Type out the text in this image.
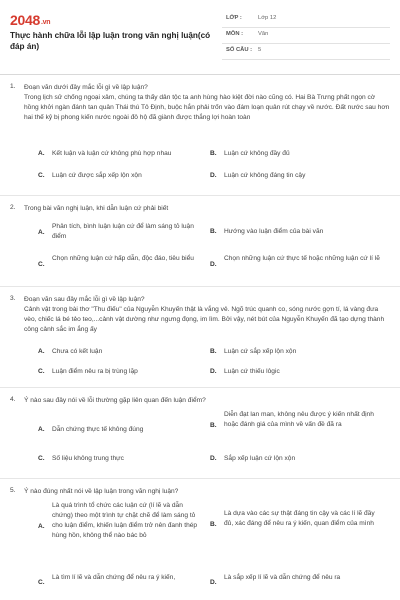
2048.vn
Thực hành chữa lỗi lập luận trong văn nghị luận(có đáp án)
LỚP :	Lớp 12
MÔN :	Văn
SỐ CÂU : 5
1. Đoạn văn dưới đây mắc lỗi gì về lập luận?
Trong lịch sử chống ngoại xâm, chúng ta thấy dân tộc ta anh hùng hào kiệt đời nào cũng có. Hai Bà Trưng phất ngọn cờ hồng khởi ngàn đánh tan quân Thái thú Tô Định, buộc hắn phải trốn vào đám loạn quân rút chạy về nước. Đất nước sau hơn hai thế kỷ bị phong kiến nước ngoài đô hộ đã giành được thắng lợi hoàn toàn
A. Kết luận và luận cứ không phù hợp nhau	B. Luận cứ không đầy đủ
C. Luận cứ được sắp xếp lộn xộn	D. Luận cứ không đáng tin cậy
2. Trong bài văn nghị luận, khi dẫn luận cứ phải biết
A.
Phân tích, bình luận luận cứ để làm sáng tỏ luận điểm
B. Hướng vào luận điểm của bài văn
C.
Chọn những luận cứ hấp dẫn, độc đáo, tiêu biểu
D.
Chọn những luận cứ thực tế hoặc những luận cứ lí lẽ
3. Đoạn văn sau đây mắc lỗi gì về lập luận?
Cảnh vật trong bài thơ "Thu điếu" của Nguyễn Khuyến thật là vắng vẻ. Ngõ trúc quanh co, sóng nước gợn tí, lá vàng đưa vèo, chiếc lá bé tẻo teo,...cảnh vật dường như ngưng đọng, im lìm. Bởi vậy, nét bút của Nguyễn Khuyến đã tạo dựng thành công cảnh sắc im ắng ấy
A. Chưa có kết luận	B. Luận cứ sắp xếp lộn xộn
C. Luận điểm nêu ra bị trùng lặp	D. Luận cứ thiếu lôgic
4. Ý nào sau đây nói về lỗi thường gặp liên quan đến luận điểm?
A. Dẫn chứng thực tế không đúng
B.
Diễn đạt lan man, không nêu được ý kiến nhất định hoặc đánh giá của mình về vấn đề đã ra
C. Số liệu không trung thực	D. Sắp xếp luận cứ lộn xộn
5. Ý nào đúng nhất nói về lập luận trong văn nghị luận?
A.
Là quá trình tổ chức các luận cứ (lí lẽ và dẫn chứng) theo một trình tự chặt chẽ để làm sáng tỏ cho luận điểm, khiến luận điểm trở nên đanh thép hùng hồn, không thể nào bác bỏ
B.
Là dựa vào các sự thật đáng tin cậy và các lí lẽ đầy đủ, xác đáng để nêu ra ý kiến, quan điểm của mình
C.
Là tìm lí lẽ và dẫn chứng để nêu ra ý kiến,
D.
Là sắp xếp lí lẽ và dẫn chứng để nêu ra
